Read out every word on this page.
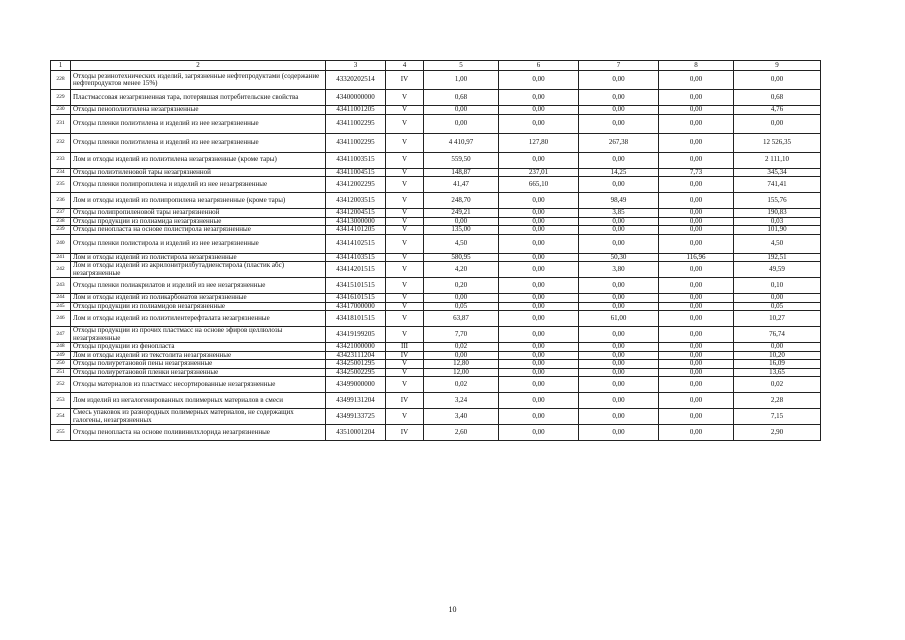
1	2	3	4	5	6	7	8	9
228	Отходы резинотехнических изделий, загрязненные нефтепродуктами (содержание нефтепродуктов менее 15%)	43320202514	IV	1,00	0,00	0,00	0,00	0,00
229	Пластмассовая незагрязненная тара, потерявшая потребительские свойства	43400000000	V	0,68	0,00	0,00	0,00	0,68
230	Отходы пенополиэтилена незагрязненные	43411001205	V	0,00	0,00	0,00	0,00	4,76
231	Отходы пленки полиэтилена и изделий из нее незагрязненные	43411002295	V	0,00	0,00	0,00	0,00	0,00
232	Отходы пленки полиэтилена и изделий из нее незагрязненные	43411002295	V	4 410,97	127,80	267,38	0,00	12 526,35
233	Лом и отходы изделий из полиэтилена незагрязненные (кроме тары)	43411003515	V	559,50	0,00	0,00	0,00	2 111,10
234	Отходы полиэтиленовой тары незагрязненной	43411004515	V	148,87	237,01	14,25	7,73	345,34
235	Отходы пленки полипропилена и изделий из нее незагрязненные	43412002295	V	41,47	665,10	0,00	0,00	741,41
236	Лом и отходы изделий из полипропилена незагрязненные (кроме тары)	43412003515	V	248,70	0,00	98,49	0,00	155,76
237	Отходы полипропиленовой тары незагрязненной	43412004515	V	249,21	0,00	3,85	0,00	190,83
238	Отходы продукции из полиамида незагрязненные	43413000000	V	0,00	0,00	0,00	0,00	0,03
239	Отходы пенопласта на основе полистирола незагрязненные	43414101205	V	135,00	0,00	0,00	0,00	101,90
240	Отходы пленки полистирола и изделий из нее незагрязненные	43414102515	V	4,50	0,00	0,00	0,00	4,50
241	Лом и отходы изделий из полистирола незагрязненные	43414103515	V	580,95	0,00	50,30	116,96	192,51
242	Лом и отходы изделий из акрилонитрилбутадиенстирола (пластик абс) незагрязненные	43414201515	V	4,20	0,00	3,80	0,00	49,59
243	Отходы пленки полиакрилатов и изделий из нее незагрязненные	43415101515	V	0,20	0,00	0,00	0,00	0,10
244	Лом и отходы изделий из поликарбонатов незагрязненные	43416101515	V	0,00	0,00	0,00	0,00	0,00
245	Отходы продукции из полиамидов незагрязненные	43417000000	V	0,05	0,00	0,00	0,00	0,05
246	Лом и отходы изделий из полиэтилентерефталата незагрязненные	43418101515	V	63,87	0,00	61,00	0,00	10,27
247	Отходы продукции из прочих пластмасс на основе эфиров целлюлозы незагрязненные	43419199205	V	7,70	0,00	0,00	0,00	76,74
248	Отходы продукции из фенопласта	43421000000	III	0,02	0,00	0,00	0,00	0,00
249	Лом и отходы изделий из текстолита незагрязненные	43423111204	IV	0,00	0,00	0,00	0,00	10,20
250	Отходы полиуретановой пены незагрязненные	43425001295	V	12,80	0,00	0,00	0,00	16,09
251	Отходы полиуретановой пленки незагрязненные	43425002295	V	12,00	0,00	0,00	0,00	13,65
252	Отходы материалов из пластмасс несортированные незагрязненные	43499000000	V	0,02	0,00	0,00	0,00	0,02
253	Лом изделий из негалогенированных полимерных материалов в смеси	43499131204	IV	3,24	0,00	0,00	0,00	2,28
254	Смесь упаковок из разнородных полимерных материалов, не содержащих галогены, незагрязненных	43499133725	V	3,40	0,00	0,00	0,00	7,15
255	Отходы пенопласта на основе поливинилхлорида незагрязненные	43510001204	IV	2,60	0,00	0,00	0,00	2,90
10
